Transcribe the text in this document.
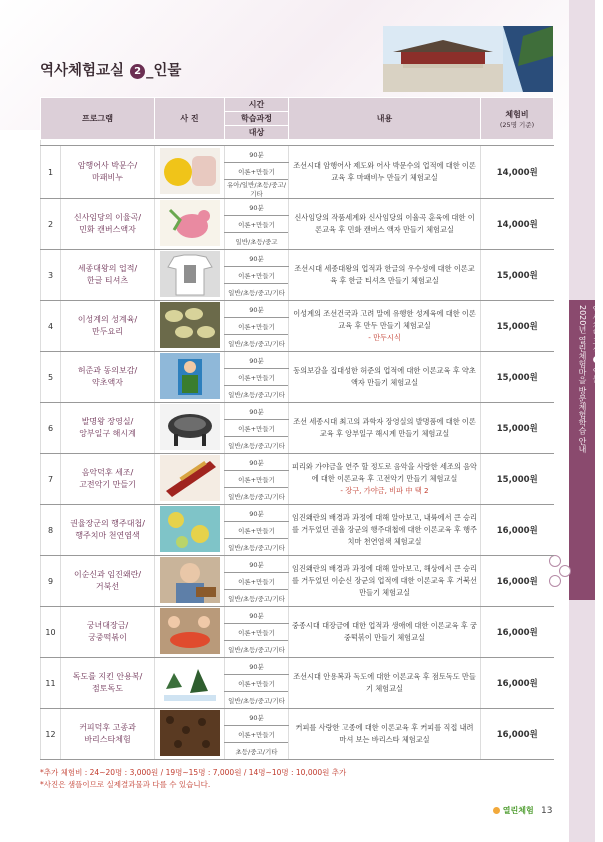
역사체험교실 ➋ 인물
2020년 열린체험마을 방문체험학습 안내
역사체험교실 2 _인물
프로그램		사 진	시간	내용	체험비
(25명 기준)
			학습과정		
			대상		

1	암행어사 박문수/
마패비누		90분	조선시대 암행어사 제도와 어사 박문수의 업적에 대한 이론교육 후 마패비누 만들기 체험교실	14,000원
			이론+만들기		
			유아/일반/초등/중고/기타		
2	신사임당의 이율곡/
민화 캔버스액자		90분	신사임당의 작품세계와 신사임당의 이율곡 훈육에 대한 이론교육 후 민화 캔버스 액자 만들기 체험교실	14,000원
			이론+만들기		
			일반/초등/중고		
3	세종대왕의 업적/
한글 티셔츠		90분	조선시대 세종대왕의 업적과 한글의 우수성에 대한 이론교육 후 한글 티셔츠 만들기 체험교실	15,000원
			이론+만들기		
			일반/초등/중고/기타		
4	이성계의 성계육/
만두요리		90분	이성계의 조선건국과 고려 말에 유행한 성계육에 대한 이론교육 후 만두 만들기 체험교실
- 만두시식	15,000원
			이론+만들기		
			일반/초등/중고/기타		
5	허준과 동의보감/
약초액자		90분	동의보감을 집대성한 허준의 업적에 대한 이론교육 후 약초액자 만들기 체험교실	15,000원
			이론+만들기		
			일반/초등/중고/기타		
6	발명왕 장영실/
앙부일구 해시계		90분	조선 세종시대 최고의 과학자 장영실의 발명품에 대한 이론교육 후 앙부일구 해시계 만들기 체험교실	15,000원
			이론+만들기		
			일반/초등/중고/기타		
7	음악덕후 세조/
고전악기 만들기		90분	피리와 가야금을 연주 할 정도로 음악을 사랑한 세조의 음악에 대한 이론교육 후 고전악기 만들기 체험교실
- 장구, 가야금, 비파 中 택 2	15,000원
			이론+만들기		
			일반/초등/중고/기타		
8	권율장군의 행주대첩/
행주치마 천연염색		90분	임진왜란의 배경과 과정에 대해 알아보고, 내륙에서 큰 승리를 거두었던 권율 장군의 행주대첩에 대한 이론교육 후 행주치마 천연염색 체험교실	16,000원
			이론+만들기		
			일반/초등/중고/기타		
9	이순신과 임진왜란/
거북선		90분	임진왜란의 배경과 과정에 대해 알아보고, 해상에서 큰 승리를 거두었던 이순신 장군의 업적에 대한 이론교육 후 거북선 만들기 체험교실	16,000원
			이론+만들기		
			일반/초등/중고/기타		
10	궁녀대장금/
궁중떡볶이		90분	중종시대 대장금에 대한 업적과 생애에 대한 이론교육 후 궁중떡볶이 만들기 체험교실	16,000원
			이론+만들기		
			일반/초등/중고/기타		
11	독도를 지킨 안용복/
점토독도		90분	조선시대 안용복과 독도에 대한 이론교육 후 점토독도 만들기 체험교실	16,000원
			이론+만들기		
			일반/초등/중고/기타		
12	커피덕후 고종과
바리스타체험		90분	커피를 사랑한 고종에 대한 이론교육 후 커피를 직접 내려 마셔 보는 바리스타 체험교실	16,000원
			이론+만들기		
			초등/중고/기타		
*추가 체험비 : 24~20명 : 3,000원 / 19명~15명 : 7,000원 / 14명~10명 : 10,000원 추가
*사진은 샘플이므로 실제결과물과 다를 수 있습니다.
열린체험 13
